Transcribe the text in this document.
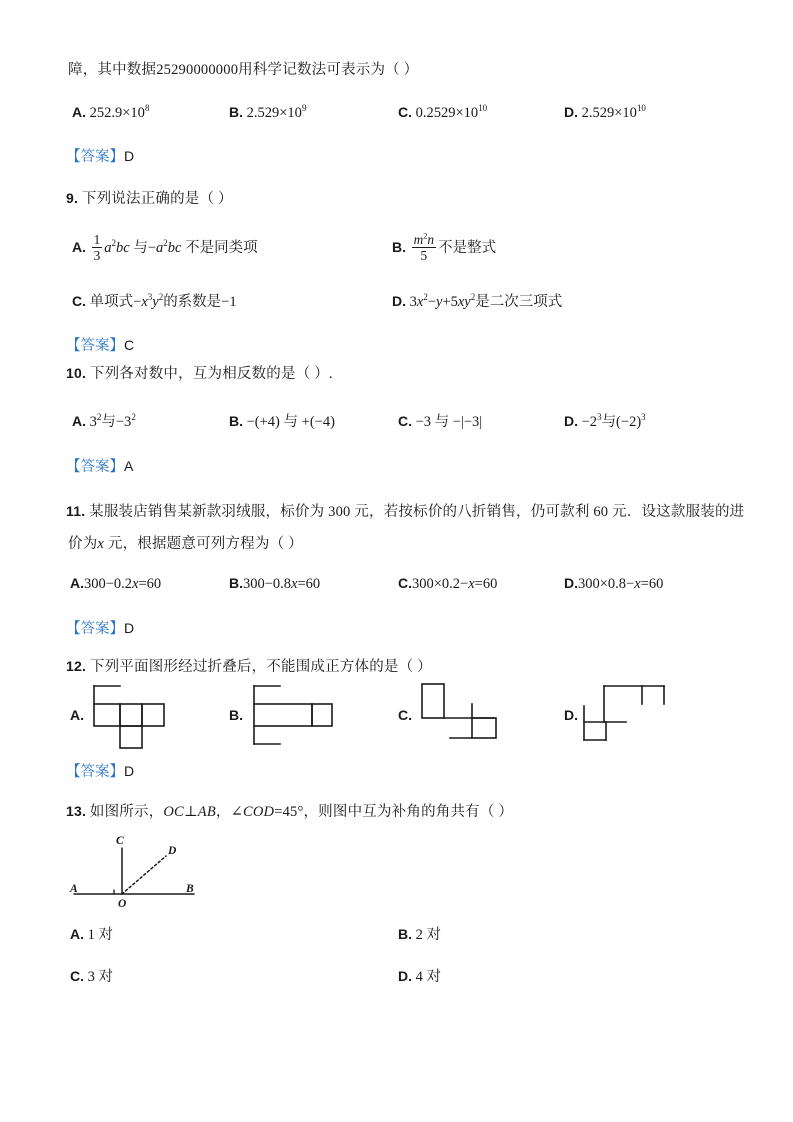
障，其中数据25290000000用科学记数法可表示为（ ）
A. $252.9\times 10^8$	B. $2.529\times 10^9$	C. $0.2529\times 10^{10}$	D. $2.529\times 10^{10}$
【答案】D
9. 下列说法正确的是（ ）
A. $\frac{1}{3} a^2bc$ 与$-a^2bc$ 不是同类项	B. $\frac{m^2n}{5}$ 不是整式
C. 单项式$-x^3y^2$的系数是−1	D. $3x^2-y+5xy^2$是二次三项式
【答案】C
10. 下列各对数中，互为相反数的是（ ）.
A. $3^2$与$-3^2$	B. −(+4) 与 +(−4)	C. −3 与 −|−3|	D. $-2^3$与$(-2)^3$
【答案】A
11. 某服装店销售某新款羽绒服，标价为 300 元，若按标价的八折销售，仍可款利 60 元．设这款服装的进
价为x 元，根据题意可列方程为（ ）
A.300−0.2x=60	B.300−0.8x=60	C.300×0.2−x=60	D.300×0.8−x=60
【答案】D
12. 下列平面图形经过折叠后，不能围成正方体的是（ ）
A.	B.	C.	D.
【答案】D
13. 如图所示，OC⊥AB，∠COD=45°，则图中互为补角的角共有（ ）
C
D
A	B
O
A. 1 对	B. 2 对
C. 3 对	D. 4 对
